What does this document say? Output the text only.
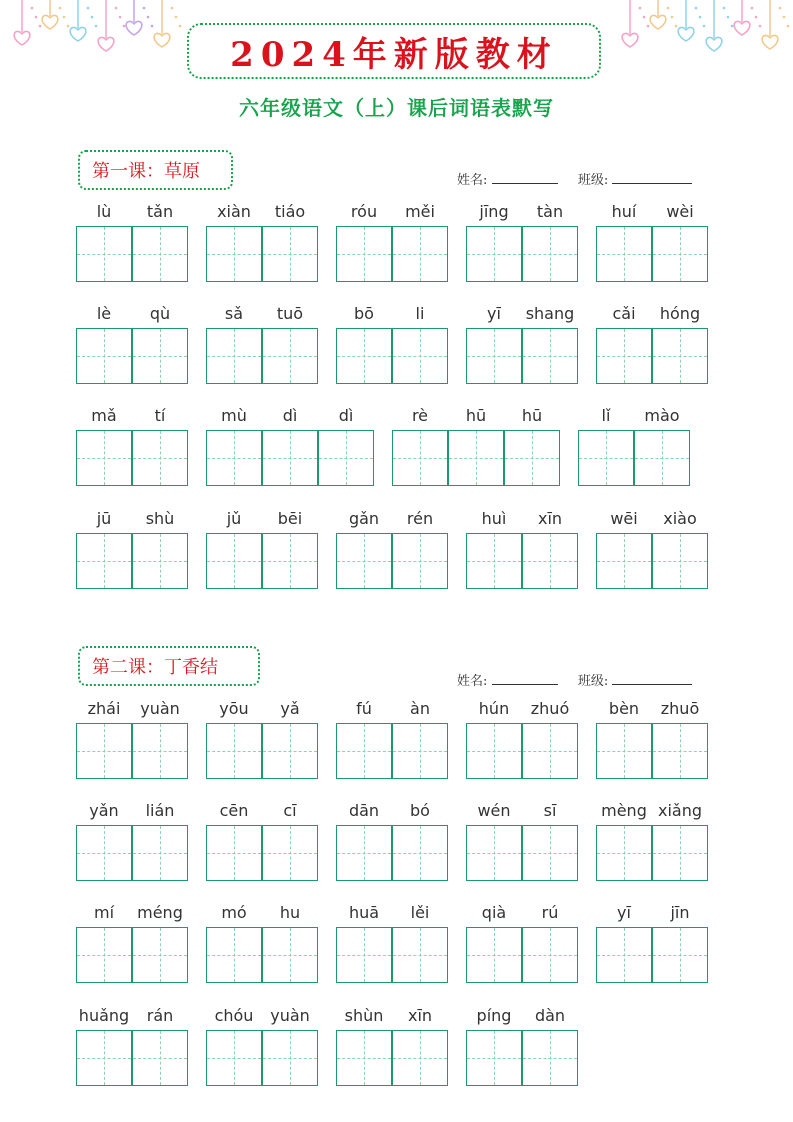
2024年新版教材
六年级语文（上）课后词语表默写
第一课：草原	姓名:	班级:
lù	tǎn	xiàn	tiáo	róu	měi	jīng	tàn	huí	wèi
lè	qù	sǎ	tuō	bō	li	yī	shang	cǎi	hóng
mǎ	tí	mù	dì	dì	rè	hū	hū	lǐ	mào
jū	shù	jǔ	bēi	gǎn	rén	huì	xīn	wēi	xiào
第二课：丁香结
姓名:	班级:
zhái	yuàn	yōu	yǎ	fú	àn	hún	zhuó	bèn	zhuō
yǎn	lián	cēn	cī	dān	bó	wén	sī	mèng xiǎng
mí	méng	mó	hu	huā	lěi	qià	rú	yī	jīn
huǎng	rán	chóu	yuàn	shùn	xīn	píng	dàn
